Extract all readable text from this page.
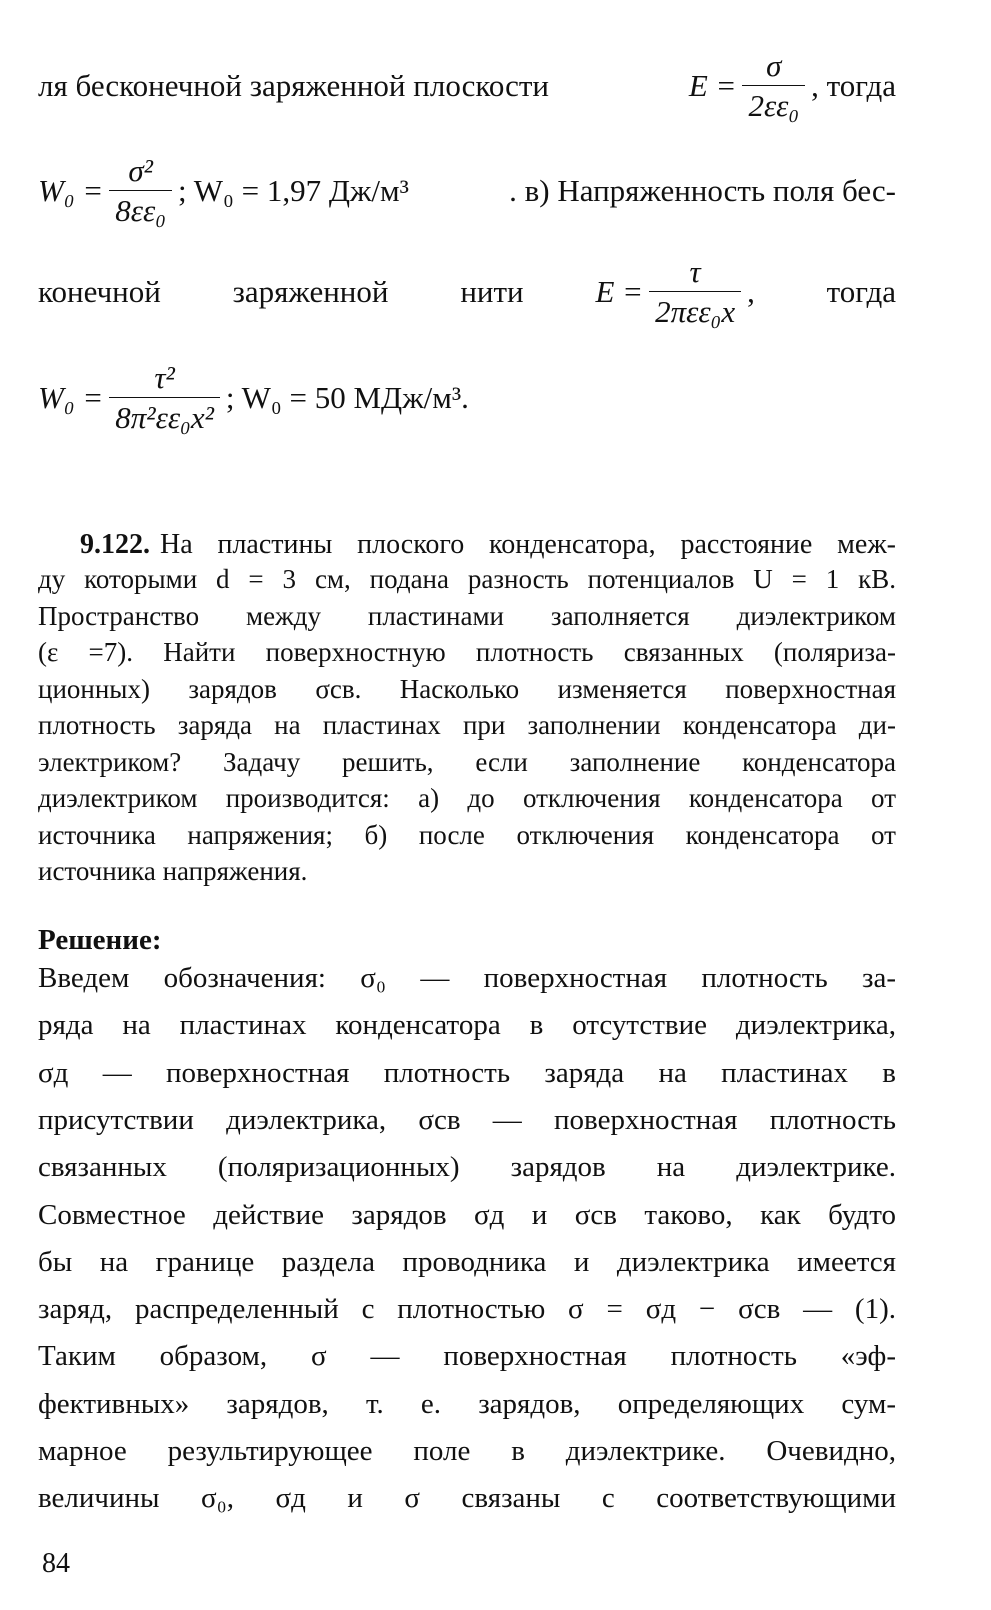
ля бесконечной заряженной плоскости	$E = \frac{\sigma}{\text{2εε₀}}$ , тогда
$W_0 = \frac{\text{σ²}}{\text{8εε₀}}$ ; W₀ = 1,97 Дж/м³	. в) Напряженность поля бес-
конечной заряженной нити $E = \frac{\tau}{\text{2πεε₀x}}$ , тогда
$W_0 = \frac{\text{τ²}}{\text{8π²εε₀x²}}$ ; W₀ = 50 МДж/м³ .
9.122. На пластины плоского конденсатора, расстояние меж-
ду которыми d = 3 см, подана разность потенциалов U = 1 кВ.
Пространство между пластинами заполняется диэлектриком
(ε =7). Найти поверхностную плотность связанных (поляриза-
ционных) зарядов σсв. Насколько изменяется поверхностная
плотность заряда на пластинах при заполнении конденсатора ди-
электриком? Задачу решить, если заполнение конденсатора
диэлектриком производится: а) до отключения конденсатора от
источника напряжения; б) после отключения конденсатора от
источника напряжения.
Решение:
Введем обозначения: σ₀ — поверхностная плотность за-
ряда на пластинах конденсатора в отсутствие диэлектрика,
σд — поверхностная плотность заряда на пластинах в
присутствии диэлектрика, σсв — поверхностная плотность
связанных (поляризационных) зарядов на диэлектрике.
Совместное действие зарядов σд и σсв таково, как будто
бы на границе раздела проводника и диэлектрика имеется
заряд, распределенный с плотностью σ = σд − σсв — (1).
Таким образом, σ — поверхностная плотность «эф-
фективных» зарядов, т. е. зарядов, определяющих сум-
марное результирующее поле в диэлектрике. Очевидно,
величины σ₀, σд и σ связаны с соответствующими
84
